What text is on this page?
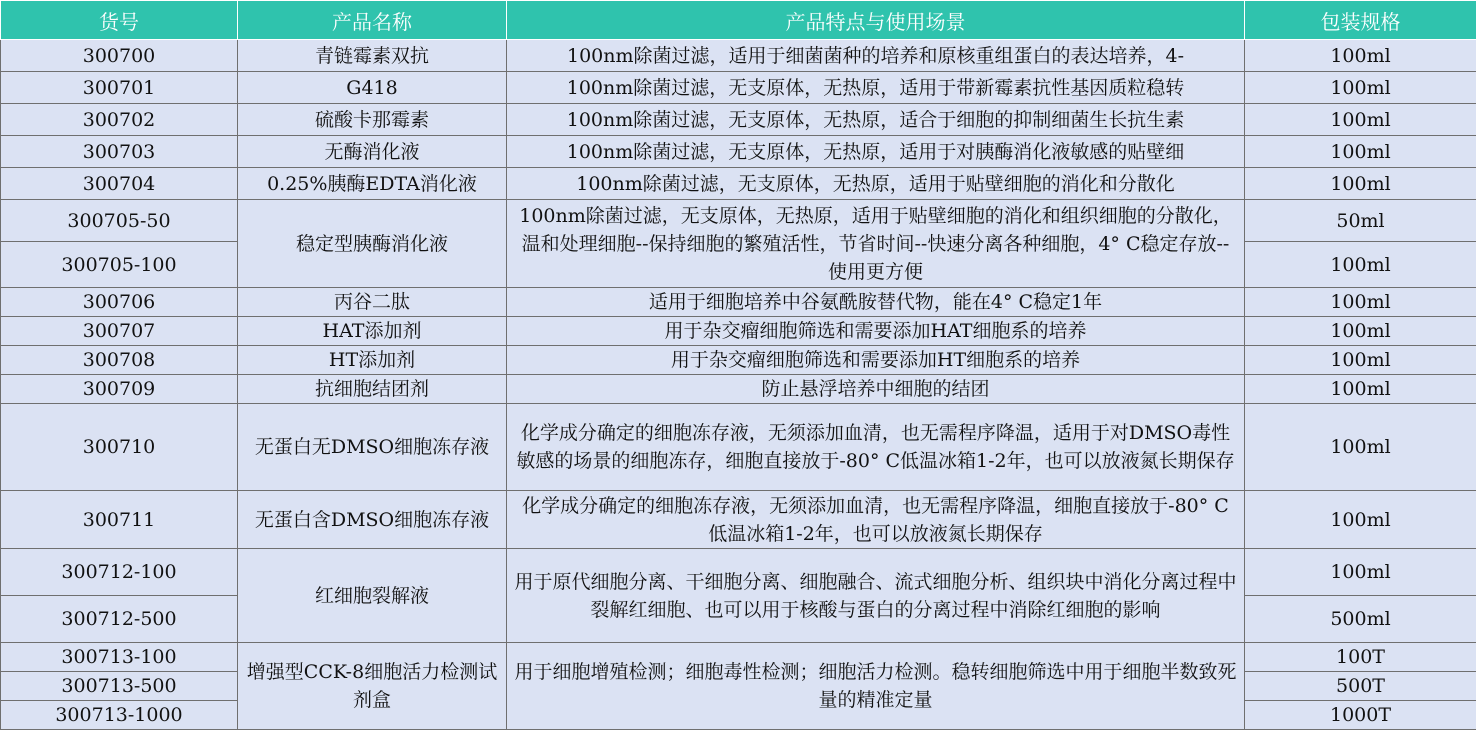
货号	产品名称	产品特点与使用场景	包装规格
300700	青链霉素双抗	100nm除菌过滤，适用于细菌菌种的培养和原核重组蛋白的表达培养，4-	100ml
300701	G418	100nm除菌过滤，无支原体，无热原，适用于带新霉素抗性基因质粒稳转	100ml
300702	硫酸卡那霉素	100nm除菌过滤，无支原体，无热原，适合于细胞的抑制细菌生长抗生素	100ml
300703	无酶消化液	100nm除菌过滤，无支原体，无热原，适用于对胰酶消化液敏感的贴壁细	100ml
300704	0.25%胰酶EDTA消化液	100nm除菌过滤，无支原体，无热原，适用于贴壁细胞的消化和分散化	100ml
300705-50	稳定型胰酶消化液	100nm除菌过滤，无支原体，无热原，适用于贴壁细胞的消化和组织细胞的分散化，温和处理细胞--保持细胞的繁殖活性，节省时间--快速分离各种细胞，4° C稳定存放--使用更方便	50ml
300705-100			100ml
300706	丙谷二肽	适用于细胞培养中谷氨酰胺替代物，能在4° C稳定1年	100ml
300707	HAT添加剂	用于杂交瘤细胞筛选和需要添加HAT细胞系的培养	100ml
300708	HT添加剂	用于杂交瘤细胞筛选和需要添加HT细胞系的培养	100ml
300709	抗细胞结团剂	防止悬浮培养中细胞的结团	100ml
300710	无蛋白无DMSO细胞冻存液	化学成分确定的细胞冻存液，无须添加血清，也无需程序降温，适用于对DMSO毒性敏感的场景的细胞冻存，细胞直接放于-80° C低温冰箱1-2年，也可以放液氮长期保存	100ml
300711	无蛋白含DMSO细胞冻存液	化学成分确定的细胞冻存液，无须添加血清，也无需程序降温，细胞直接放于-80° C低温冰箱1-2年，也可以放液氮长期保存	100ml
300712-100	红细胞裂解液	用于原代细胞分离、干细胞分离、细胞融合、流式细胞分析、组织块中消化分离过程中裂解红细胞、也可以用于核酸与蛋白的分离过程中消除红细胞的影响	100ml
300712-500			500ml
300713-100	增强型CCK-8细胞活力检测试剂盒	用于细胞增殖检测；细胞毒性检测；细胞活力检测。稳转细胞筛选中用于细胞半数致死量的精准定量	100T
300713-500			500T
300713-1000			1000T
